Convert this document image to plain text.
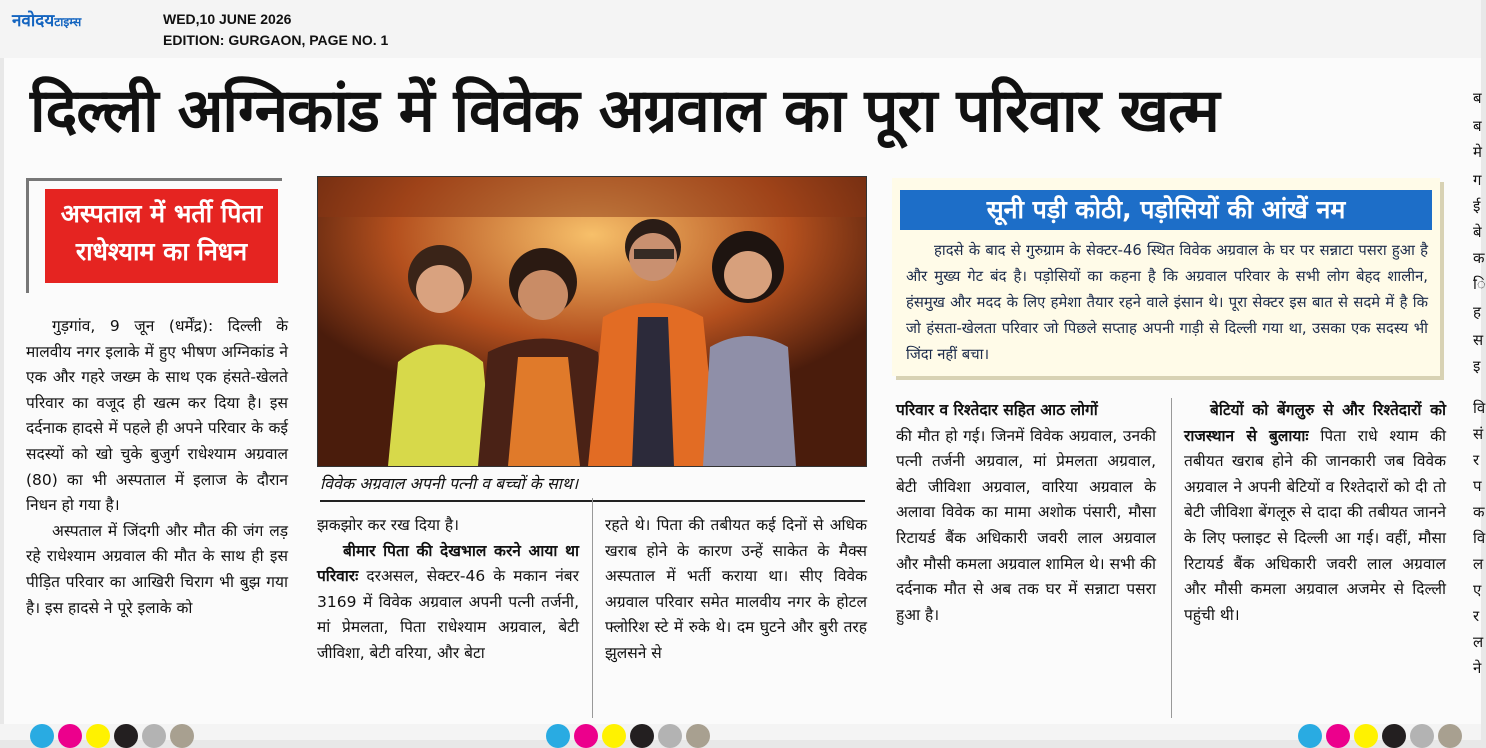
नवोदयटाइम्स	WED,10 JUNE 2026
EDITION: GURGAON, PAGE NO. 1
दिल्ली अग्निकांड में विवेक अग्रवाल का पूरा परिवार खत्म
अस्पताल में भर्ती पिता राधेश्याम का निधन

गुड़गांव, 9 जून (धर्मेंद्र): दिल्ली के मालवीय नगर इलाके में हुए भीषण अग्निकांड ने एक और गहरे जख्म के साथ एक हंसते-खेलते परिवार का वजूद ही खत्म कर दिया है। इस दर्दनाक हादसे में पहले ही अपने परिवार के कई सदस्यों को खो चुके बुजुर्ग राधेश्याम अग्रवाल (80) का भी अस्पताल में इलाज के दौरान निधन हो गया है।

अस्पताल में जिंदगी और मौत की जंग लड़ रहे राधेश्याम अग्रवाल की मौत के साथ ही इस पीड़ित परिवार का आखिरी चिराग भी बुझ गया है। इस हादसे ने पूरे इलाके को

विवेक अग्रवाल अपनी पत्नी व बच्चों के साथ।

झकझोर कर रख दिया है।

बीमार पिता की देखभाल करने आया था परिवारः दरअसल, सेक्टर-46 के मकान नंबर 3169 में विवेक अग्रवाल अपनी पत्नी तर्जनी, मां प्रेमलता, पिता राधेश्याम अग्रवाल, बेटी जीविशा, बेटी वरिया, और बेटा

रहते थे। पिता की तबीयत कई दिनों से अधिक खराब होने के कारण उन्हें साकेत के मैक्स अस्पताल में भर्ती कराया था। सीए विवेक अग्रवाल परिवार समेत मालवीय नगर के होटल फ्लोरिश स्टे में रुके थे। दम घुटने और बुरी तरह झुलसने से

सूनी पड़ी कोठी, पड़ोसियों की आंखें नम
हादसे के बाद से गुरुग्राम के सेक्टर-46 स्थित विवेक अग्रवाल के घर पर सन्नाटा पसरा हुआ है और मुख्य गेट बंद है। पड़ोसियों का कहना है कि अग्रवाल परिवार के सभी लोग बेहद शालीन, हंसमुख और मदद के लिए हमेशा तैयार रहने वाले इंसान थे। पूरा सेक्टर इस बात से सदमे में है कि जो हंसता-खेलता परिवार जो पिछले सप्ताह अपनी गाड़ी से दिल्ली गया था, उसका एक सदस्य भी जिंदा नहीं बचा।

परिवार व रिश्तेदार सहित आठ लोगों

की मौत हो गई। जिनमें विवेक अग्रवाल, उनकी पत्नी तर्जनी अग्रवाल, मां प्रेमलता अग्रवाल, बेटी जीविशा अग्रवाल, वारिया अग्रवाल के अलावा विवेक का मामा अशोक पंसारी, मौसा रिटायर्ड बैंक अधिकारी जवरी लाल अग्रवाल और मौसी कमला अग्रवाल शामिल थे। सभी की दर्दनाक मौत से अब तक घर में सन्नाटा पसरा हुआ है।

बेटियों को बेंगलुरु से और रिश्तेदारों को राजस्थान से बुलायाः पिता राधे श्याम की तबीयत खराब होने की जानकारी जब विवेक अग्रवाल ने अपनी बेटियों व रिश्तेदारों को दी तो बेटी जीविशा बेंगलूरु से दादा की तबीयत जानने के लिए फ्लाइट से दिल्ली आ गई। वहीं, मौसा रिटायर्ड बैंक अधिकारी जवरी लाल अग्रवाल और मौसी कमला अग्रवाल अजमेर से दिल्ली पहुंची थी।

ब
ब
मे
ग
ई
बे
क
ि
ह
स
इ
वि
सं
र
प
क
वि
ल
ए
र
ल
ने
